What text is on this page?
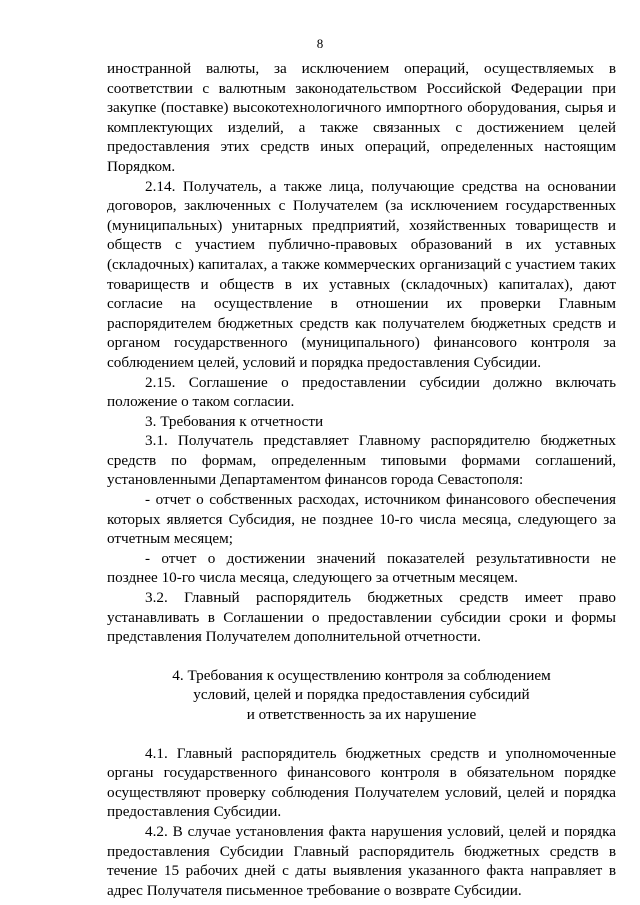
8

иностранной валюты, за исключением операций, осуществляемых в соответствии с валютным законодательством Российской Федерации при закупке (поставке) высокотехнологичного импортного оборудования, сырья и комплектующих изделий, а также связанных с достижением целей предоставления этих средств иных операций, определенных настоящим Порядком.

2.14. Получатель, а также лица, получающие средства на основании договоров, заключенных с Получателем (за исключением государственных (муниципальных) унитарных предприятий, хозяйственных товариществ и обществ с участием публично-правовых образований в их уставных (складочных) капиталах, а также коммерческих организаций с участием таких товариществ и обществ в их уставных (складочных) капиталах), дают согласие на осуществление в отношении их проверки Главным распорядителем бюджетных средств как получателем бюджетных средств и органом государственного (муниципального) финансового контроля за соблюдением целей, условий и порядка предоставления Субсидии.

2.15. Соглашение о предоставлении субсидии должно включать положение о таком согласии.

3. Требования к отчетности

3.1. Получатель представляет Главному распорядителю бюджетных средств по формам, определенным типовыми формами соглашений, установленными Департаментом финансов города Севастополя:

- отчет о собственных расходах, источником финансового обеспечения которых является Субсидия, не позднее 10-го числа месяца, следующего за отчетным месяцем;

- отчет о достижении значений показателей результативности не позднее 10-го числа месяца, следующего за отчетным месяцем.

3.2. Главный распорядитель бюджетных средств имеет право устанавливать в Соглашении о предоставлении субсидии сроки и формы представления Получателем дополнительной отчетности.

4. Требования к осуществлению контроля за соблюдением
условий, целей и порядка предоставления субсидий
и ответственность за их нарушение

4.1. Главный распорядитель бюджетных средств и уполномоченные органы государственного финансового контроля в обязательном порядке осуществляют проверку соблюдения Получателем условий, целей и порядка предоставления Субсидии.

4.2. В случае установления факта нарушения условий, целей и порядка предоставления Субсидии Главный распорядитель бюджетных средств в течение 15 рабочих дней с даты выявления указанного факта направляет в адрес Получателя письменное требование о возврате Субсидии.
